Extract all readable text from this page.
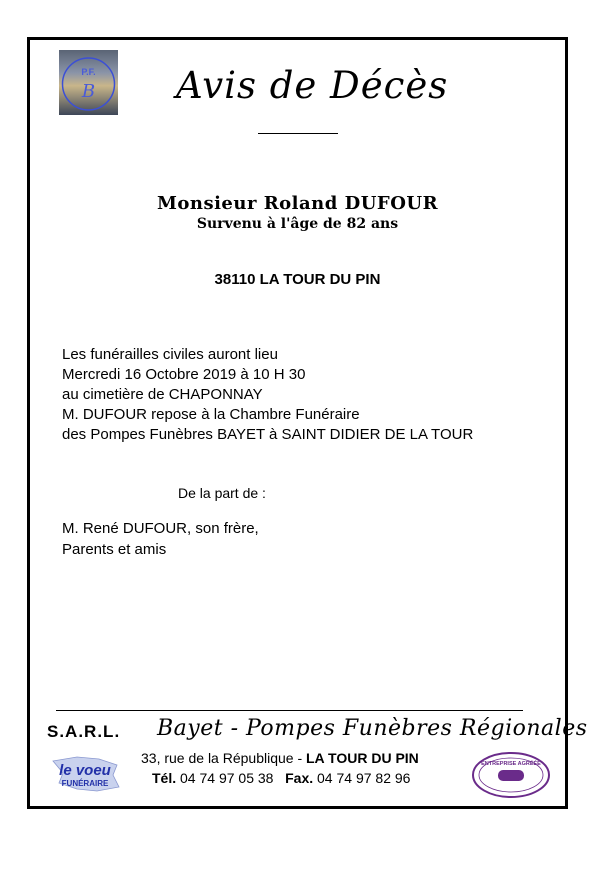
P.F.
B Avis de Décès
Monsieur Roland DUFOUR
Survenu à l'âge de 82 ans
38110 LA TOUR DU PIN
Les funérailles civiles auront lieu
Mercredi 16 Octobre 2019 à 10 H 30
au cimetière de CHAPONNAY
M. DUFOUR repose à la Chambre Funéraire
des Pompes Funèbres BAYET à SAINT DIDIER DE LA TOUR
De la part de :
M. René DUFOUR, son frère,
Parents et amis
S.A.R.L. Bayet - Pompes Funèbres Régionales
33, rue de la République - LA TOUR DU PIN
Tél. 04 74 97 05 38 Fax. 04 74 97 82 96
le voeu
FUNÉRAIRE
ENTREPRISE AGRÉÉE
